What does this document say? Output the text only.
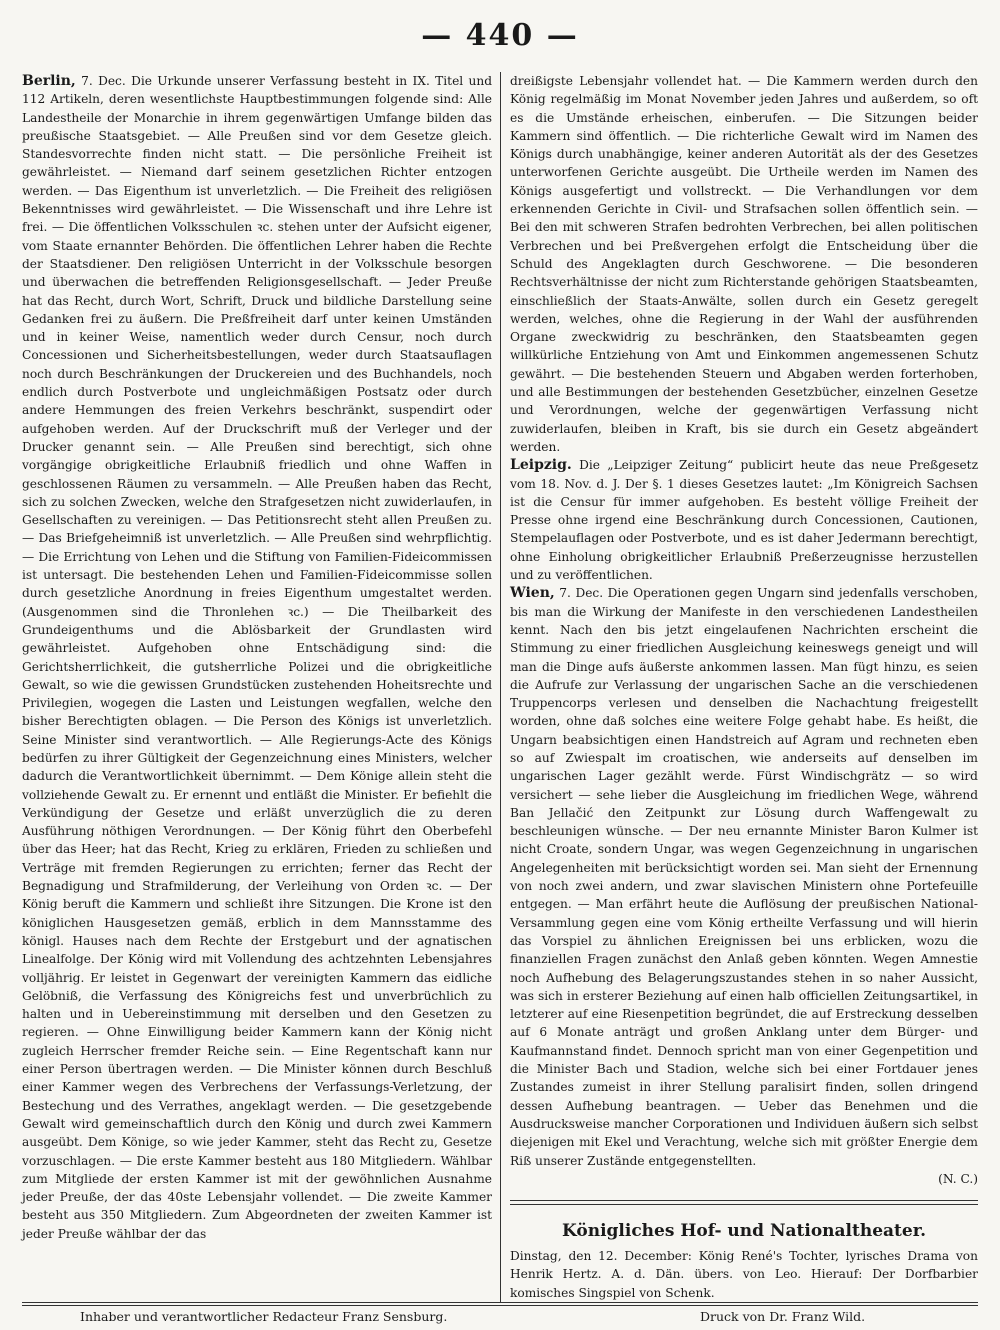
— 440 —

Berlin, 7. Dec. Die Urkunde unserer Verfassung besteht in IX. Titel und 112 Artikeln, deren wesentlichste Hauptbestimmungen folgende sind: Alle Landestheile der Monarchie in ihrem gegenwärtigen Umfange bilden das preußische Staatsgebiet. — Alle Preußen sind vor dem Gesetze gleich. Standesvorrechte finden nicht statt. — Die persönliche Freiheit ist gewährleistet. — Niemand darf seinem gesetzlichen Richter entzogen werden. — Das Eigenthum ist unverletzlich. — Die Freiheit des religiösen Bekenntnisses wird gewährleistet. — Die Wissenschaft und ihre Lehre ist frei. — Die öffentlichen Volksschulen ꝛc. stehen unter der Aufsicht eigener, vom Staate ernannter Behörden. Die öffentlichen Lehrer haben die Rechte der Staatsdiener. Den religiösen Unterricht in der Volksschule besorgen und überwachen die betreffenden Religionsgesellschaft. — Jeder Preuße hat das Recht, durch Wort, Schrift, Druck und bildliche Darstellung seine Gedanken frei zu äußern. Die Preßfreiheit darf unter keinen Umständen und in keiner Weise, namentlich weder durch Censur, noch durch Concessionen und Sicherheitsbestellungen, weder durch Staatsauflagen noch durch Beschränkungen der Druckereien und des Buchhandels, noch endlich durch Postverbote und ungleichmäßigen Postsatz oder durch andere Hemmungen des freien Verkehrs beschränkt, suspendirt oder aufgehoben werden. Auf der Druckschrift muß der Verleger und der Drucker genannt sein. — Alle Preußen sind berechtigt, sich ohne vorgängige obrigkeitliche Erlaubniß friedlich und ohne Waffen in geschlossenen Räumen zu versammeln. — Alle Preußen haben das Recht, sich zu solchen Zwecken, welche den Strafgesetzen nicht zuwiderlaufen, in Gesellschaften zu vereinigen. — Das Petitionsrecht steht allen Preußen zu. — Das Briefgeheimniß ist unverletzlich. — Alle Preußen sind wehrpflichtig. — Die Errichtung von Lehen und die Stiftung von Familien-Fideicommissen ist untersagt. Die bestehenden Lehen und Familien-Fideicommisse sollen durch gesetzliche Anordnung in freies Eigenthum umgestaltet werden. (Ausgenommen sind die Thronlehen ꝛc.) — Die Theilbarkeit des Grundeigenthums und die Ablösbarkeit der Grundlasten wird gewährleistet. Aufgehoben ohne Entschädigung sind: die Gerichtsherrlichkeit, die gutsherrliche Polizei und die obrigkeitliche Gewalt, so wie die gewissen Grundstücken zustehenden Hoheitsrechte und Privilegien, wogegen die Lasten und Leistungen wegfallen, welche den bisher Berechtigten oblagen. — Die Person des Königs ist unverletzlich. Seine Minister sind verantwortlich. — Alle Regierungs-Acte des Königs bedürfen zu ihrer Gültigkeit der Gegenzeichnung eines Ministers, welcher dadurch die Verantwortlichkeit übernimmt. — Dem Könige allein steht die vollziehende Gewalt zu. Er ernennt und entläßt die Minister. Er befiehlt die Verkündigung der Gesetze und erläßt unverzüglich die zu deren Ausführung nöthigen Verordnungen. — Der König führt den Oberbefehl über das Heer; hat das Recht, Krieg zu erklären, Frieden zu schließen und Verträge mit fremden Regierungen zu errichten; ferner das Recht der Begnadigung und Strafmilderung, der Verleihung von Orden ꝛc. — Der König beruft die Kammern und schließt ihre Sitzungen. Die Krone ist den königlichen Hausgesetzen gemäß, erblich in dem Mannsstamme des königl. Hauses nach dem Rechte der Erstgeburt und der agnatischen Linealfolge. Der König wird mit Vollendung des achtzehnten Lebensjahres volljährig. Er leistet in Gegenwart der vereinigten Kammern das eidliche Gelöbniß, die Verfassung des Königreichs fest und unverbrüchlich zu halten und in Uebereinstimmung mit derselben und den Gesetzen zu regieren. — Ohne Einwilligung beider Kammern kann der König nicht zugleich Herrscher fremder Reiche sein. — Eine Regentschaft kann nur einer Person übertragen werden. — Die Minister können durch Beschluß einer Kammer wegen des Verbrechens der Verfassungs-Verletzung, der Bestechung und des Verrathes, angeklagt werden. — Die gesetzgebende Gewalt wird gemeinschaftlich durch den König und durch zwei Kammern ausgeübt. Dem Könige, so wie jeder Kammer, steht das Recht zu, Gesetze vorzuschlagen. — Die erste Kammer besteht aus 180 Mitgliedern. Wählbar zum Mitgliede der ersten Kammer ist mit der gewöhnlichen Ausnahme jeder Preuße, der das 40ste Lebensjahr vollendet. — Die zweite Kammer besteht aus 350 Mitgliedern. Zum Abgeordneten der zweiten Kammer ist jeder Preuße wählbar der das

dreißigste Lebensjahr vollendet hat. — Die Kammern werden durch den König regelmäßig im Monat November jeden Jahres und außerdem, so oft es die Umstände erheischen, einberufen. — Die Sitzungen beider Kammern sind öffentlich. — Die richterliche Gewalt wird im Namen des Königs durch unabhängige, keiner anderen Autorität als der des Gesetzes unterworfenen Gerichte ausgeübt. Die Urtheile werden im Namen des Königs ausgefertigt und vollstreckt. — Die Verhandlungen vor dem erkennenden Gerichte in Civil- und Strafsachen sollen öffentlich sein. — Bei den mit schweren Strafen bedrohten Verbrechen, bei allen politischen Verbrechen und bei Preßvergehen erfolgt die Entscheidung über die Schuld des Angeklagten durch Geschworene. — Die besonderen Rechtsverhältnisse der nicht zum Richterstande gehörigen Staatsbeamten, einschließlich der Staats-Anwälte, sollen durch ein Gesetz geregelt werden, welches, ohne die Regierung in der Wahl der ausführenden Organe zweckwidrig zu beschränken, den Staatsbeamten gegen willkürliche Entziehung von Amt und Einkommen angemessenen Schutz gewährt. — Die bestehenden Steuern und Abgaben werden forterhoben, und alle Bestimmungen der bestehenden Gesetzbücher, einzelnen Gesetze und Verordnungen, welche der gegenwärtigen Verfassung nicht zuwiderlaufen, bleiben in Kraft, bis sie durch ein Gesetz abgeändert werden.

Leipzig. Die „Leipziger Zeitung“ publicirt heute das neue Preßgesetz vom 18. Nov. d. J. Der §. 1 dieses Gesetzes lautet: „Im Königreich Sachsen ist die Censur für immer aufgehoben. Es besteht völlige Freiheit der Presse ohne irgend eine Beschränkung durch Concessionen, Cautionen, Stempelauflagen oder Postverbote, und es ist daher Jedermann berechtigt, ohne Einholung obrigkeitlicher Erlaubniß Preßerzeugnisse herzustellen und zu veröffentlichen.

Wien, 7. Dec. Die Operationen gegen Ungarn sind jedenfalls verschoben, bis man die Wirkung der Manifeste in den verschiedenen Landestheilen kennt. Nach den bis jetzt eingelaufenen Nachrichten erscheint die Stimmung zu einer friedlichen Ausgleichung keineswegs geneigt und will man die Dinge aufs äußerste ankommen lassen. Man fügt hinzu, es seien die Aufrufe zur Verlassung der ungarischen Sache an die verschiedenen Truppencorps verlesen und denselben die Nachachtung freigestellt worden, ohne daß solches eine weitere Folge gehabt habe. Es heißt, die Ungarn beabsichtigen einen Handstreich auf Agram und rechneten eben so auf Zwiespalt im croatischen, wie anderseits auf denselben im ungarischen Lager gezählt werde. Fürst Windischgrätz — so wird versichert — sehe lieber die Ausgleichung im friedlichen Wege, während Ban Jellačić den Zeitpunkt zur Lösung durch Waffengewalt zu beschleunigen wünsche. — Der neu ernannte Minister Baron Kulmer ist nicht Croate, sondern Ungar, was wegen Gegenzeichnung in ungarischen Angelegenheiten mit berücksichtigt worden sei. Man sieht der Ernennung von noch zwei andern, und zwar slavischen Ministern ohne Portefeuille entgegen. — Man erfährt heute die Auflösung der preußischen National-Versammlung gegen eine vom König ertheilte Verfassung und will hierin das Vorspiel zu ähnlichen Ereignissen bei uns erblicken, wozu die finanziellen Fragen zunächst den Anlaß geben könnten. Wegen Amnestie noch Aufhebung des Belagerungszustandes stehen in so naher Aussicht, was sich in ersterer Beziehung auf einen halb officiellen Zeitungsartikel, in letzterer auf eine Riesenpetition begründet, die auf Erstreckung desselben auf 6 Monate anträgt und großen Anklang unter dem Bürger- und Kaufmannstand findet. Dennoch spricht man von einer Gegenpetition und die Minister Bach und Stadion, welche sich bei einer Fortdauer jenes Zustandes zumeist in ihrer Stellung paralisirt finden, sollen dringend dessen Aufhebung beantragen. — Ueber das Benehmen und die Ausdrucksweise mancher Corporationen und Individuen äußern sich selbst diejenigen mit Ekel und Verachtung, welche sich mit größter Energie dem Riß unserer Zustände entgegenstellten.

(N. C.)

Königliches Hof- und Nationaltheater.

Dinstag, den 12. December: König René's Tochter, lyrisches Drama von Henrik Hertz. A. d. Dän. übers. von Leo. Hierauf: Der Dorfbarbier komisches Singspiel von Schenk.

Inhaber und verantwortlicher Redacteur Franz Sensburg.	Druck von Dr. Franz Wild.
